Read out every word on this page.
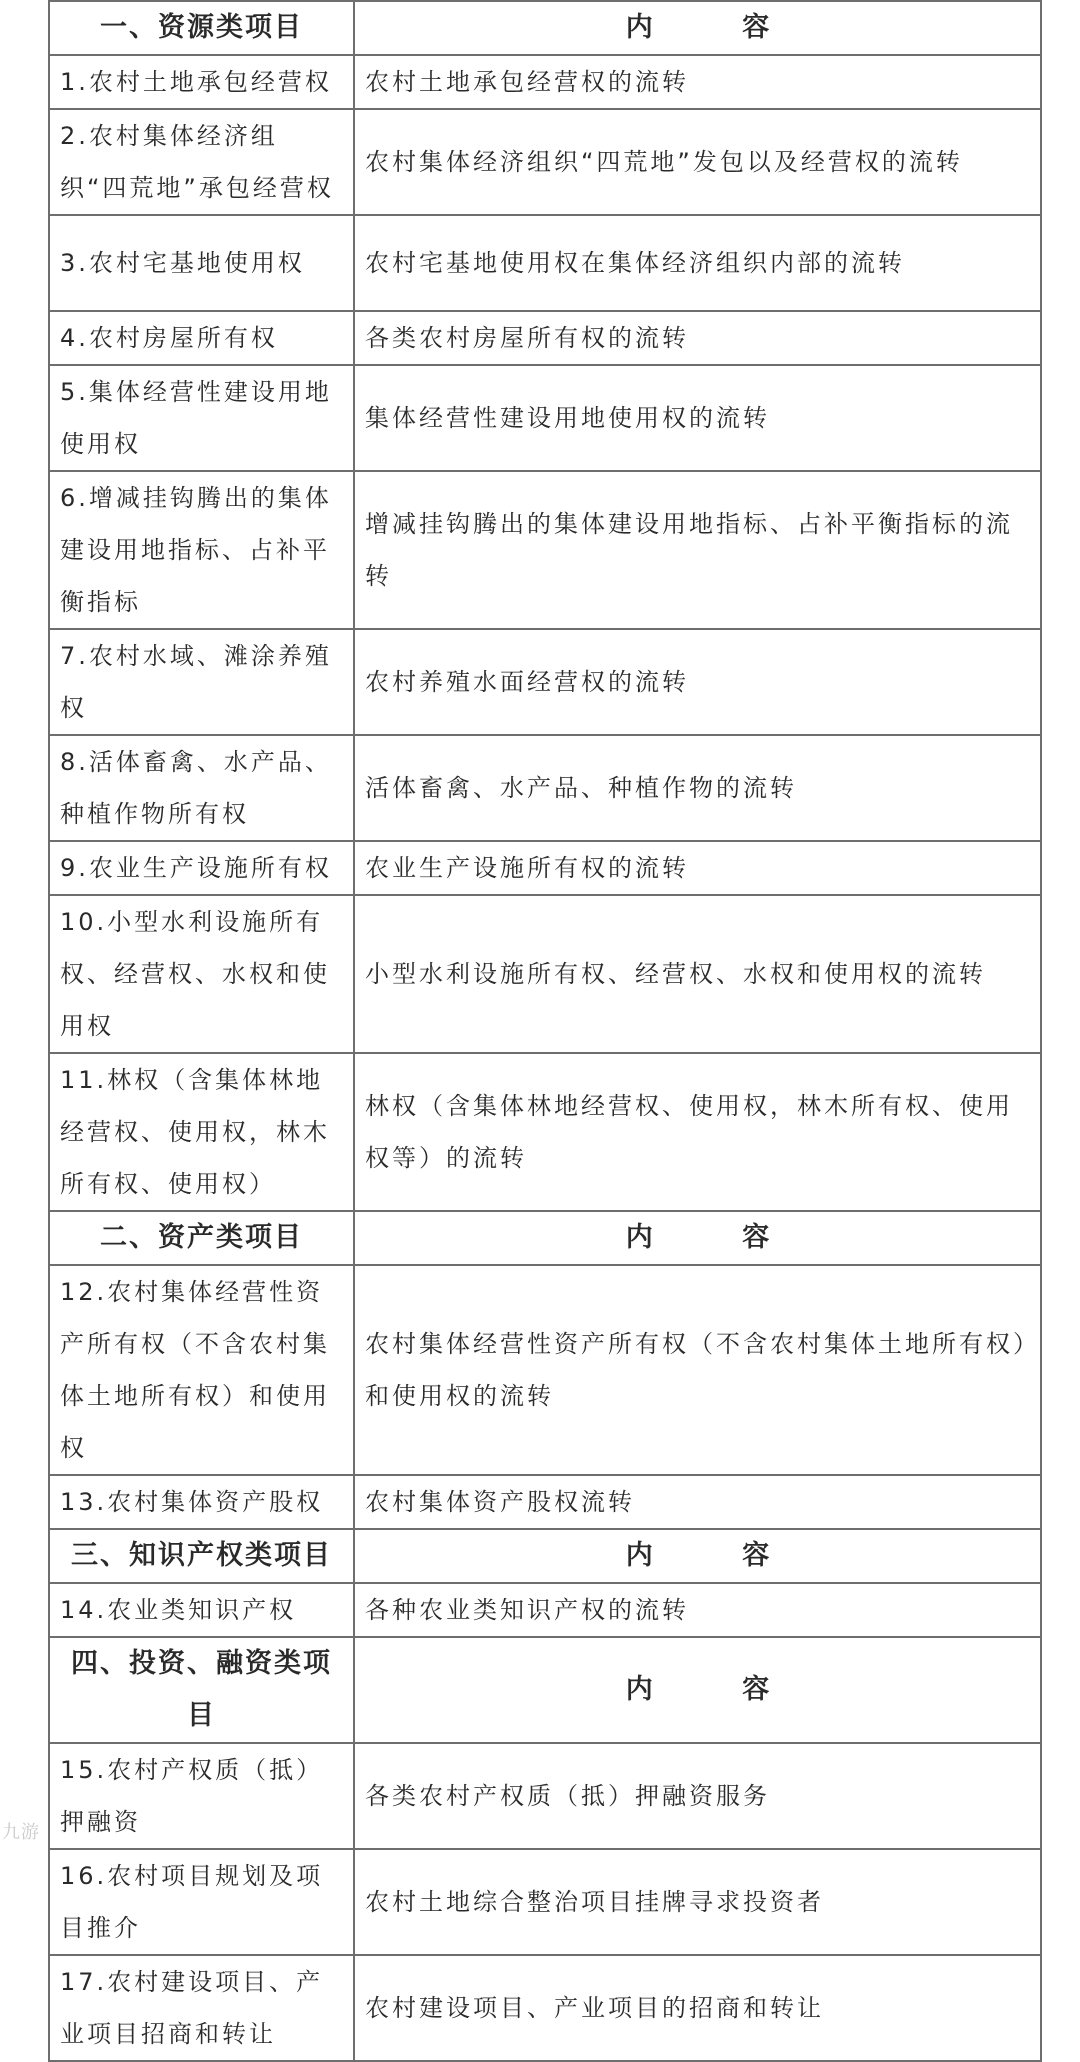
一、资源类项目	内 容
1.农村土地承包经营权	农村土地承包经营权的流转
2.农村集体经济组织“四荒地”承包经营权	农村集体经济组织“四荒地”发包以及经营权的流转
3.农村宅基地使用权	农村宅基地使用权在集体经济组织内部的流转
4.农村房屋所有权	各类农村房屋所有权的流转
5.集体经营性建设用地使用权	集体经营性建设用地使用权的流转
6.增减挂钩腾出的集体建设用地指标、占补平衡指标	增减挂钩腾出的集体建设用地指标、占补平衡指标的流转
7.农村水域、滩涂养殖权	农村养殖水面经营权的流转
8.活体畜禽、水产品、种植作物所有权	活体畜禽、水产品、种植作物的流转
9.农业生产设施所有权	农业生产设施所有权的流转
10.小型水利设施所有权、经营权、水权和使用权	小型水利设施所有权、经营权、水权和使用权的流转
11.林权（含集体林地经营权、使用权，林木所有权、使用权）	林权（含集体林地经营权、使用权，林木所有权、使用权等）的流转
二、资产类项目	内 容
12.农村集体经营性资产所有权（不含农村集体土地所有权）和使用权	农村集体经营性资产所有权（不含农村集体土地所有权）和使用权的流转
13.农村集体资产股权	农村集体资产股权流转
三、知识产权类项目	内 容
14.农业类知识产权	各种农业类知识产权的流转
四、投资、融资类项目	内 容
15.农村产权质（抵）押融资	各类农村产权质（抵）押融资服务
16.农村项目规划及项目推介	农村土地综合整治项目挂牌寻求投资者
17.农村建设项目、产业项目招商和转让	农村建设项目、产业项目的招商和转让
九游
